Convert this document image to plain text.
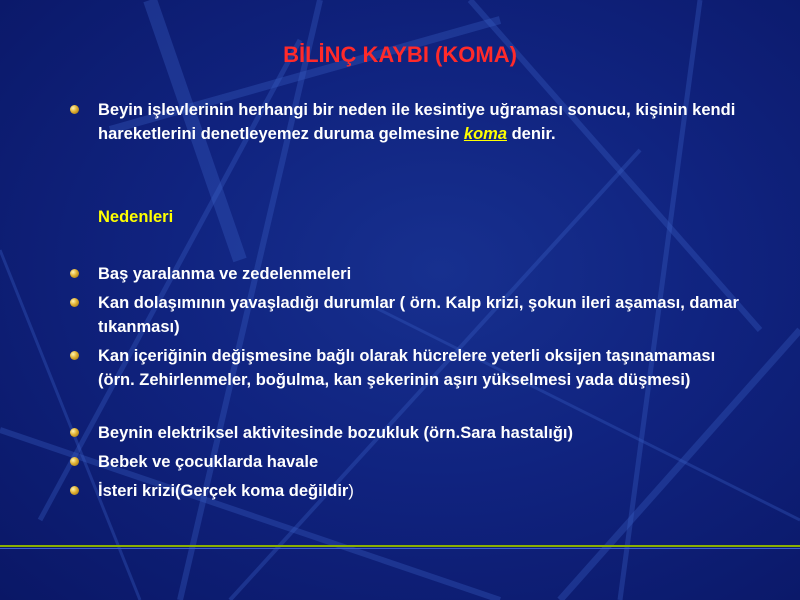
BİLİNÇ KAYBI (KOMA)
Beyin işlevlerinin herhangi bir neden ile kesintiye uğraması sonucu, kişinin kendi hareketlerini denetleyemez duruma gelmesine koma denir.
Nedenleri
Baş yaralanma ve zedelenmeleri
Kan dolaşımının yavaşladığı durumlar ( örn. Kalp krizi, şokun ileri aşaması, damar tıkanması)
Kan içeriğinin değişmesine bağlı olarak hücrelere yeterli oksijen taşınamaması (örn. Zehirlenmeler, boğulma, kan şekerinin aşırı yükselmesi yada düşmesi)
Beynin elektriksel aktivitesinde bozukluk (örn.Sara hastalığı)
Bebek ve çocuklarda havale
İsteri krizi(Gerçek koma değildir)
